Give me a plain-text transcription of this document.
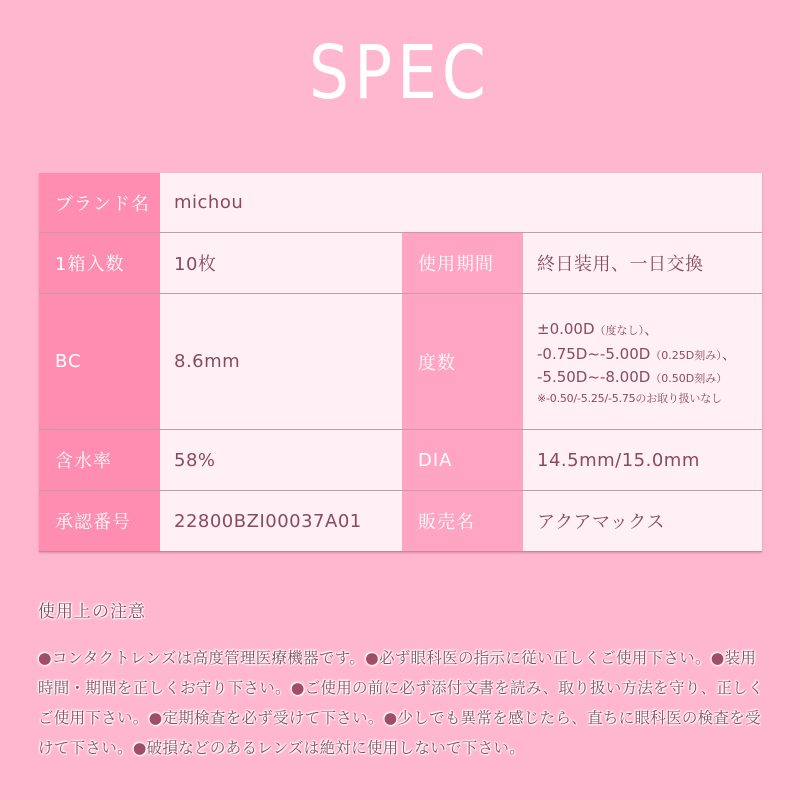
SPEC
ブランド名	michou
1箱入数	10枚	使用期間	終日装用、一日交換
BC	8.6mm	度数
±0.00D（度なし）、
-0.75D~-5.00D（0.25D刻み）、
-5.50D~-8.00D（0.50D刻み）
※-0.50/-5.25/-5.75のお取り扱いなし
含水率	58%	DIA	14.5mm/15.0mm
承認番号	22800BZI00037A01	販売名	アクアマックス
使用上の注意
●コンタクトレンズは高度管理医療機器です。●必ず眼科医の指示に従い正しくご使用下さい。●装用時間・期間を正しくお守り下さい。●ご使用の前に必ず添付文書を読み、取り扱い方法を守り、正しくご使用下さい。●定期検査を必ず受けて下さい。●少しでも異常を感じたら、直ちに眼科医の検査を受けて下さい。●破損などのあるレンズは絶対に使用しないで下さい。
